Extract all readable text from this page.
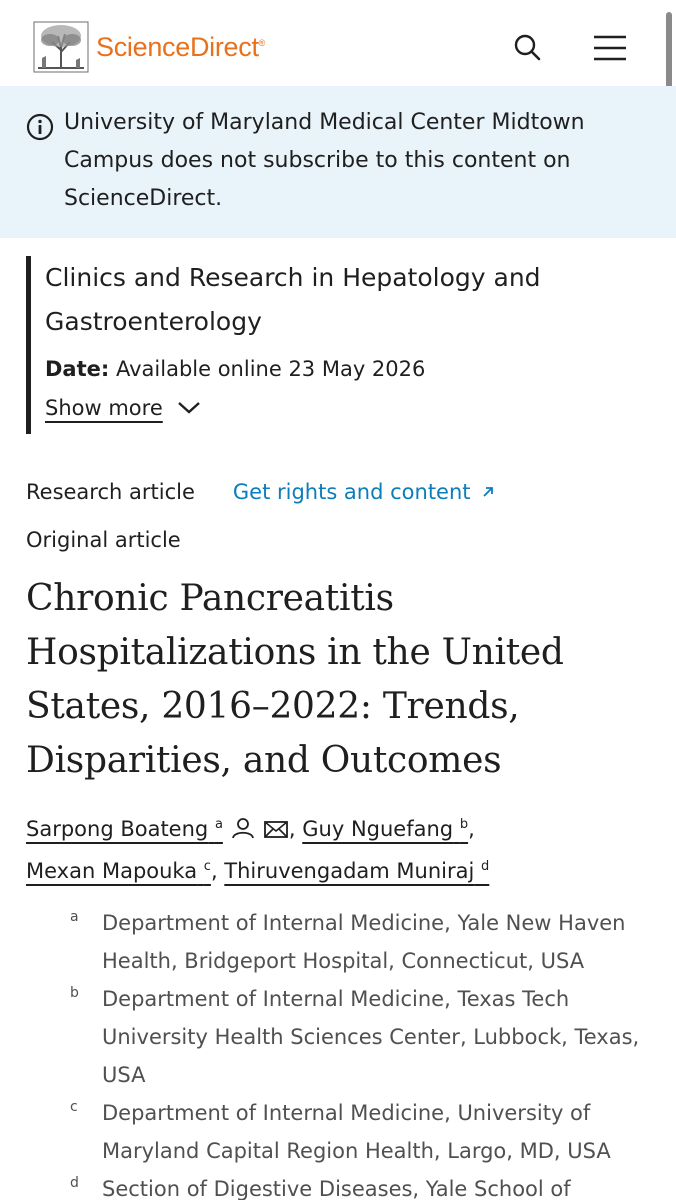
ScienceDirect®
University of Maryland Medical Center Midtown Campus does not subscribe to this content on ScienceDirect.
Clinics and Research in Hepatology and Gastroenterology
Date: Available online 23 May 2026
Show more
Research article Get rights and content
Original article
Chronic Pancreatitis Hospitalizations in the United States, 2016–2022: Trends, Disparities, and Outcomes
Sarpong Boateng $^a$	, Guy Nguefang $^b$,
Mexan Mapouka $^c$, Thiruvengadam Muniraj $^d$
a	Department of Internal Medicine, Yale New Haven Health, Bridgeport Hospital, Connecticut, USA
b	Department of Internal Medicine, Texas Tech University Health Sciences Center, Lubbock, Texas, USA
c	Department of Internal Medicine, University of Maryland Capital Region Health, Largo, MD, USA
d	Section of Digestive Diseases, Yale School of
